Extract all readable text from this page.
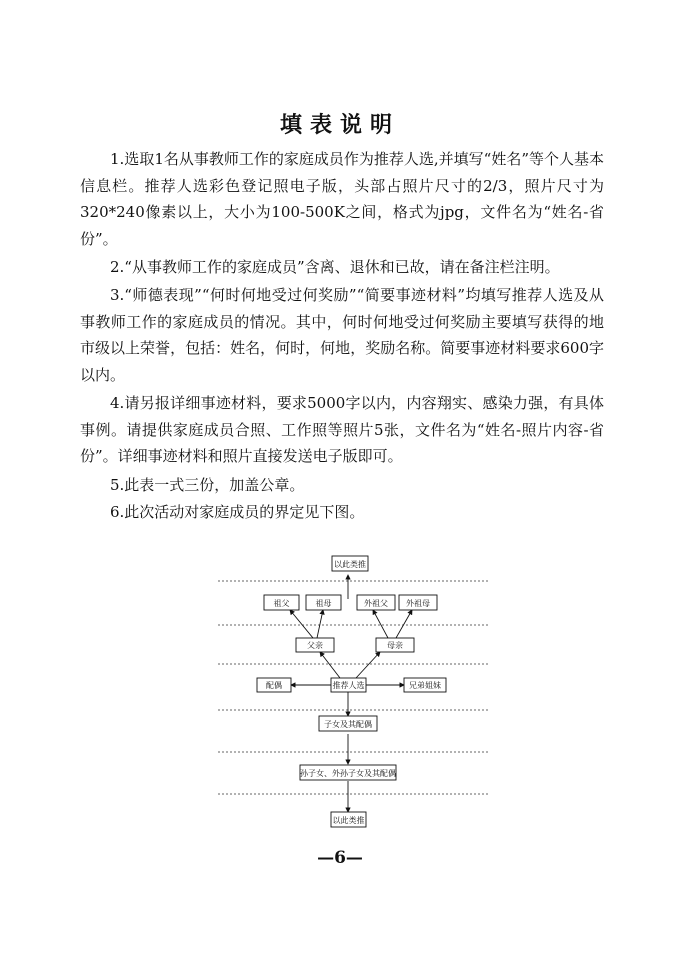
填表说明

1.选取1名从事教师工作的家庭成员作为推荐人选,并填写“姓名”等个人基本信息栏。推荐人选彩色登记照电子版，头部占照片尺寸的2/3，照片尺寸为320*240像素以上，大小为100-500K之间，格式为jpg，文件名为“姓名-省份”。

2.“从事教师工作的家庭成员”含离、退休和已故，请在备注栏注明。

3.“师德表现”“何时何地受过何奖励”“简要事迹材料”均填写推荐人选及从事教师工作的家庭成员的情况。其中，何时何地受过何奖励主要填写获得的地市级以上荣誉，包括：姓名，何时，何地，奖励名称。简要事迹材料要求600字以内。

4.请另报详细事迹材料，要求5000字以内，内容翔实、感染力强，有具体事例。请提供家庭成员合照、工作照等照片5张，文件名为“姓名-照片内容-省份”。详细事迹材料和照片直接发送电子版即可。

5.此表一式三份，加盖公章。

6.此次活动对家庭成员的界定见下图。

以此类推
祖父	祖母	外祖父 外祖母
父亲	母亲
配偶	推荐人选	兄弟姐妹
子女及其配偶
孙子女、外孙子女及其配偶
以此类推
—6—
